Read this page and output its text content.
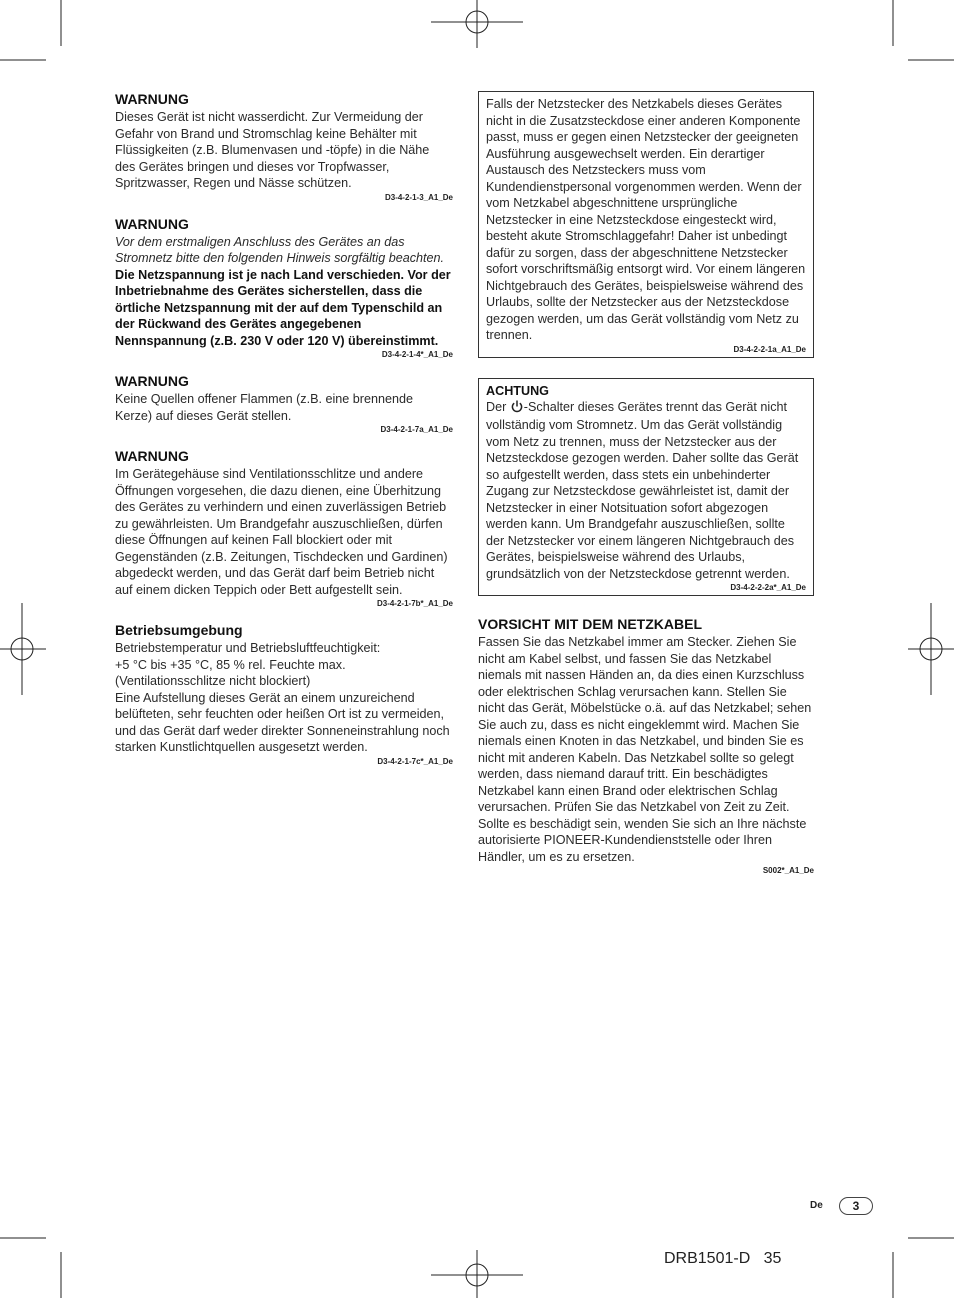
WARNUNG

Dieses Gerät ist nicht wasserdicht. Zur Vermeidung der Gefahr von Brand und Stromschlag keine Behälter mit Flüssigkeiten (z.B. Blumenvasen und -töpfe) in die Nähe des Gerätes bringen und dieses vor Tropfwasser, Spritzwasser, Regen und Nässe schützen.

D3-4-2-1-3_A1_De
WARNUNG

Vor dem erstmaligen Anschluss des Gerätes an das Stromnetz bitte den folgenden Hinweis sorgfältig beachten.

Die Netzspannung ist je nach Land verschieden. Vor der Inbetriebnahme des Gerätes sicherstellen, dass die örtliche Netzspannung mit der auf dem Typenschild an der Rückwand des Gerätes angegebenen Nennspannung (z.B. 230 V oder 120 V) übereinstimmt.

D3-4-2-1-4*_A1_De
WARNUNG

Keine Quellen offener Flammen (z.B. eine brennende Kerze) auf dieses Gerät stellen.

D3-4-2-1-7a_A1_De
WARNUNG

Im Gerätegehäuse sind Ventilationsschlitze und andere Öffnungen vorgesehen, die dazu dienen, eine Überhitzung des Gerätes zu verhindern und einen zuverlässigen Betrieb zu gewährleisten. Um Brandgefahr auszuschließen, dürfen diese Öffnungen auf keinen Fall blockiert oder mit Gegenständen (z.B. Zeitungen, Tischdecken und Gardinen) abgedeckt werden, und das Gerät darf beim Betrieb nicht auf einem dicken Teppich oder Bett aufgestellt sein.

D3-4-2-1-7b*_A1_De
Betriebsumgebung

Betriebstemperatur und Betriebsluftfeuchtigkeit:

+5 °C bis +35 °C, 85 % rel. Feuchte max.

(Ventilationsschlitze nicht blockiert)

Eine Aufstellung dieses Gerät an einem unzureichend belüfteten, sehr feuchten oder heißen Ort ist zu vermeiden, und das Gerät darf weder direkter Sonneneinstrahlung noch starken Kunstlichtquellen ausgesetzt werden.

D3-4-2-1-7c*_A1_De

Falls der Netzstecker des Netzkabels dieses Gerätes nicht in die Zusatzsteckdose einer anderen Komponente passt, muss er gegen einen Netzstecker der geeigneten Ausführung ausgewechselt werden. Ein derartiger Austausch des Netzsteckers muss vom Kundendienstpersonal vorgenommen werden. Wenn der vom Netzkabel abgeschnittene ursprüngliche Netzstecker in eine Netzsteckdose eingesteckt wird, besteht akute Stromschlaggefahr! Daher ist unbedingt dafür zu sorgen, dass der abgeschnittene Netzstecker sofort vorschriftsmäßig entsorgt wird. Vor einem längeren Nichtgebrauch des Gerätes, beispielsweise während des Urlaubs, sollte der Netzstecker aus der Netzsteckdose gezogen werden, um das Gerät vollständig vom Netz zu trennen.

D3-4-2-2-1a_A1_De
ACHTUNG

Der -Schalter dieses Gerätes trennt das Gerät nicht vollständig vom Stromnetz. Um das Gerät vollständig vom Netz zu trennen, muss der Netzstecker aus der Netzsteckdose gezogen werden. Daher sollte das Gerät so aufgestellt werden, dass stets ein unbehinderter Zugang zur Netzsteckdose gewährleistet ist, damit der Netzstecker in einer Notsituation sofort abgezogen werden kann. Um Brandgefahr auszuschließen, sollte der Netzstecker vor einem längeren Nichtgebrauch des Gerätes, beispielsweise während des Urlaubs, grundsätzlich von der Netzsteckdose getrennt werden.

D3-4-2-2-2a*_A1_De
VORSICHT MIT DEM NETZKABEL

Fassen Sie das Netzkabel immer am Stecker. Ziehen Sie nicht am Kabel selbst, und fassen Sie das Netzkabel niemals mit nassen Händen an, da dies einen Kurzschluss oder elektrischen Schlag verursachen kann. Stellen Sie nicht das Gerät, Möbelstücke o.ä. auf das Netzkabel; sehen Sie auch zu, dass es nicht eingeklemmt wird. Machen Sie niemals einen Knoten in das Netzkabel, und binden Sie es nicht mit anderen Kabeln. Das Netzkabel sollte so gelegt werden, dass niemand darauf tritt. Ein beschädigtes Netzkabel kann einen Brand oder elektrischen Schlag verursachen. Prüfen Sie das Netzkabel von Zeit zu Zeit. Sollte es beschädigt sein, wenden Sie sich an Ihre nächste autorisierte PIONEER-Kundendienststelle oder Ihren Händler, um es zu ersetzen.

S002*_A1_De
De	3
DRB1501-D 35
